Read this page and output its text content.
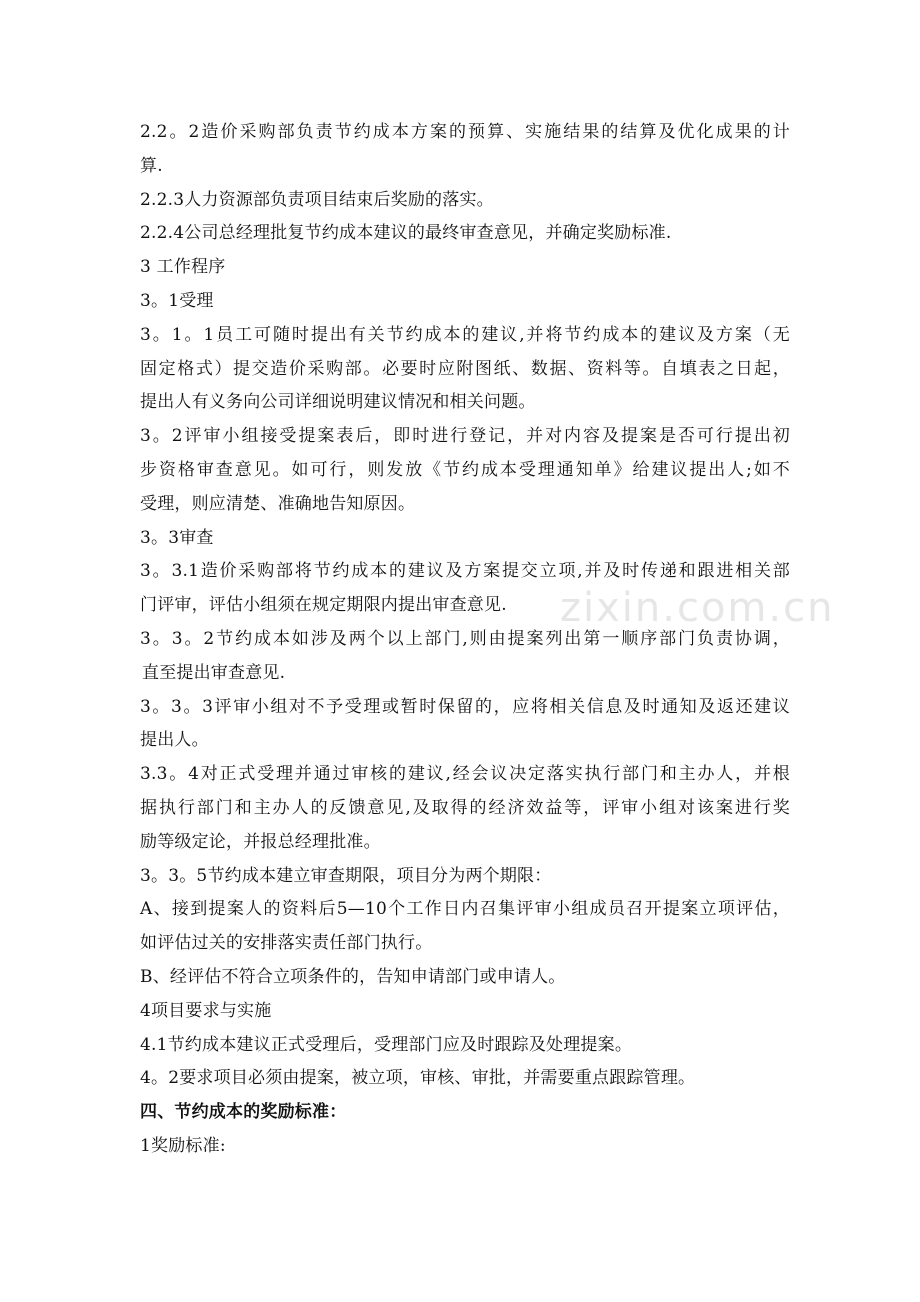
zixin.com.cn
2.2。2造价采购部负责节约成本方案的预算、实施结果的结算及优化成果的计
算.
2.2.3人力资源部负责项目结束后奖励的落实。
2.2.4公司总经理批复节约成本建议的最终审查意见，并确定奖励标准.
3 工作程序
3。1受理
3。1。1员工可随时提出有关节约成本的建议,并将节约成本的建议及方案（无
固定格式）提交造价采购部。必要时应附图纸、数据、资料等。自填表之日起，
提出人有义务向公司详细说明建议情况和相关问题。
3。2评审小组接受提案表后，即时进行登记，并对内容及提案是否可行提出初
步资格审查意见。如可行，则发放《节约成本受理通知单》给建议提出人;如不
受理，则应清楚、准确地告知原因。
3。3审查
3。3.1造价采购部将节约成本的建议及方案提交立项,并及时传递和跟进相关部
门评审，评估小组须在规定期限内提出审查意见.
3。3。2节约成本如涉及两个以上部门,则由提案列出第一顺序部门负责协调，
直至提出审查意见.
3。3。3评审小组对不予受理或暂时保留的，应将相关信息及时通知及返还建议
提出人。
3.3。4对正式受理并通过审核的建议,经会议决定落实执行部门和主办人，并根
据执行部门和主办人的反馈意见,及取得的经济效益等，评审小组对该案进行奖
励等级定论，并报总经理批准。
3。3。5节约成本建立审查期限，项目分为两个期限：
A、接到提案人的资料后5—10个工作日内召集评审小组成员召开提案立项评估，
如评估过关的安排落实责任部门执行。
B、经评估不符合立项条件的，告知申请部门或申请人。
4项目要求与实施
4.1节约成本建议正式受理后，受理部门应及时跟踪及处理提案。
4。2要求项目必须由提案，被立项，审核、审批，并需要重点跟踪管理。
四、节约成本的奖励标准：
1奖励标准:
